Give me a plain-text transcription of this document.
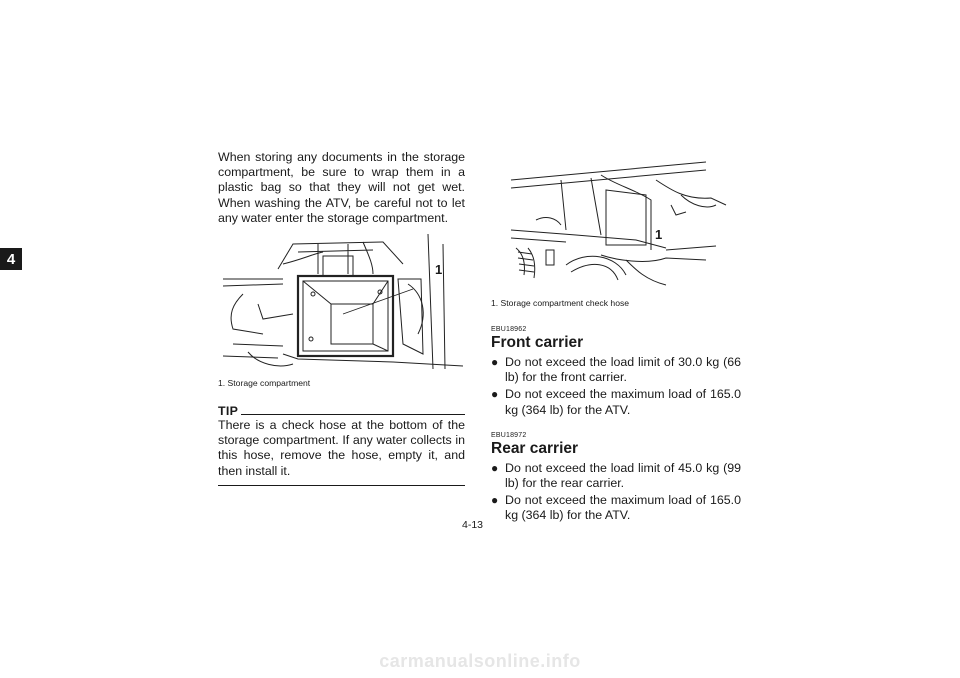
4

When storing any documents in the storage compartment, be sure to wrap them in a plastic bag so that they will not get wet. When washing the ATV, be careful not to let any water enter the storage compartment.

1

1. Storage compartment

TIP

There is a check hose at the bottom of the storage compartment. If any water collects in this hose, remove the hose, empty it, and then install it.

1

1. Storage compartment check hose

EBU18962

Front carrier
● Do not exceed the load limit of 30.0 kg (66 lb) for the front carrier.
● Do not exceed the maximum load of 165.0 kg (364 lb) for the ATV.

EBU18972

Rear carrier
● Do not exceed the load limit of 45.0 kg (99 lb) for the rear carrier.
● Do not exceed the maximum load of 165.0 kg (364 lb) for the ATV.
4-13
carmanualsonline.info
